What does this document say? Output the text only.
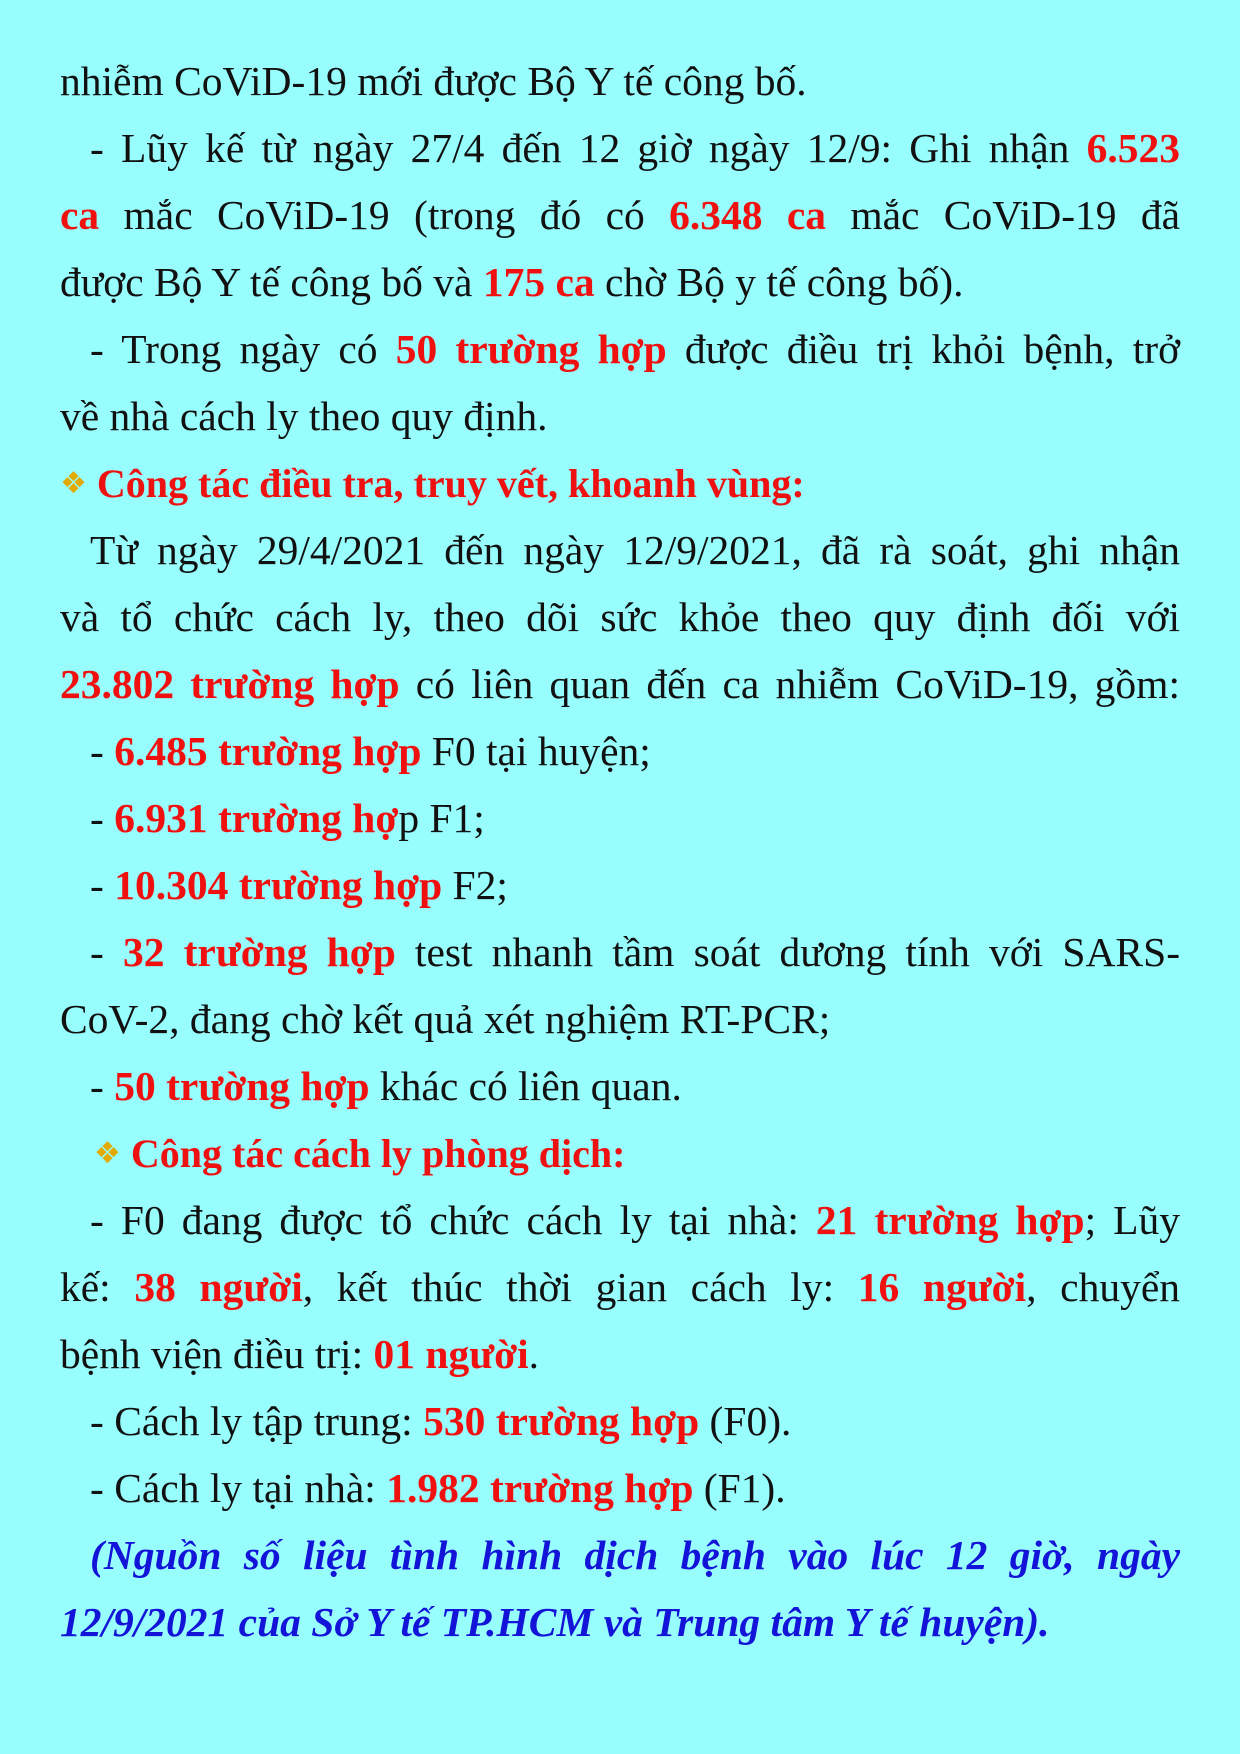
nhiễm CoViD-19 mới được Bộ Y tế công bố.
- Lũy kế từ ngày 27/4 đến 12 giờ ngày 12/9: Ghi nhận 6.523
ca mắc CoViD-19 (trong đó có 6.348 ca mắc CoViD-19 đã
được Bộ Y tế công bố và 175 ca chờ Bộ y tế công bố).
- Trong ngày có 50 trường hợp được điều trị khỏi bệnh, trở
về nhà cách ly theo quy định.
❖ Công tác điều tra, truy vết, khoanh vùng:
Từ ngày 29/4/2021 đến ngày 12/9/2021, đã rà soát, ghi nhận
và tổ chức cách ly, theo dõi sức khỏe theo quy định đối với
23.802 trường hợp có liên quan đến ca nhiễm CoViD-19, gồm:
- 6.485 trường hợp F0 tại huyện;
- 6.931 trường hợp F1;
- 10.304 trường hợp F2;
- 32 trường hợp test nhanh tầm soát dương tính với SARS-
CoV-2, đang chờ kết quả xét nghiệm RT-PCR;
- 50 trường hợp khác có liên quan.
❖ Công tác cách ly phòng dịch:
- F0 đang được tổ chức cách ly tại nhà: 21 trường hợp; Lũy
kế: 38 người, kết thúc thời gian cách ly: 16 người, chuyển
bệnh viện điều trị: 01 người.
- Cách ly tập trung: 530 trường hợp (F0).
- Cách ly tại nhà: 1.982 trường hợp (F1).
(Nguồn số liệu tình hình dịch bệnh vào lúc 12 giờ, ngày
12/9/2021 của Sở Y tế TP.HCM và Trung tâm Y tế huyện).
